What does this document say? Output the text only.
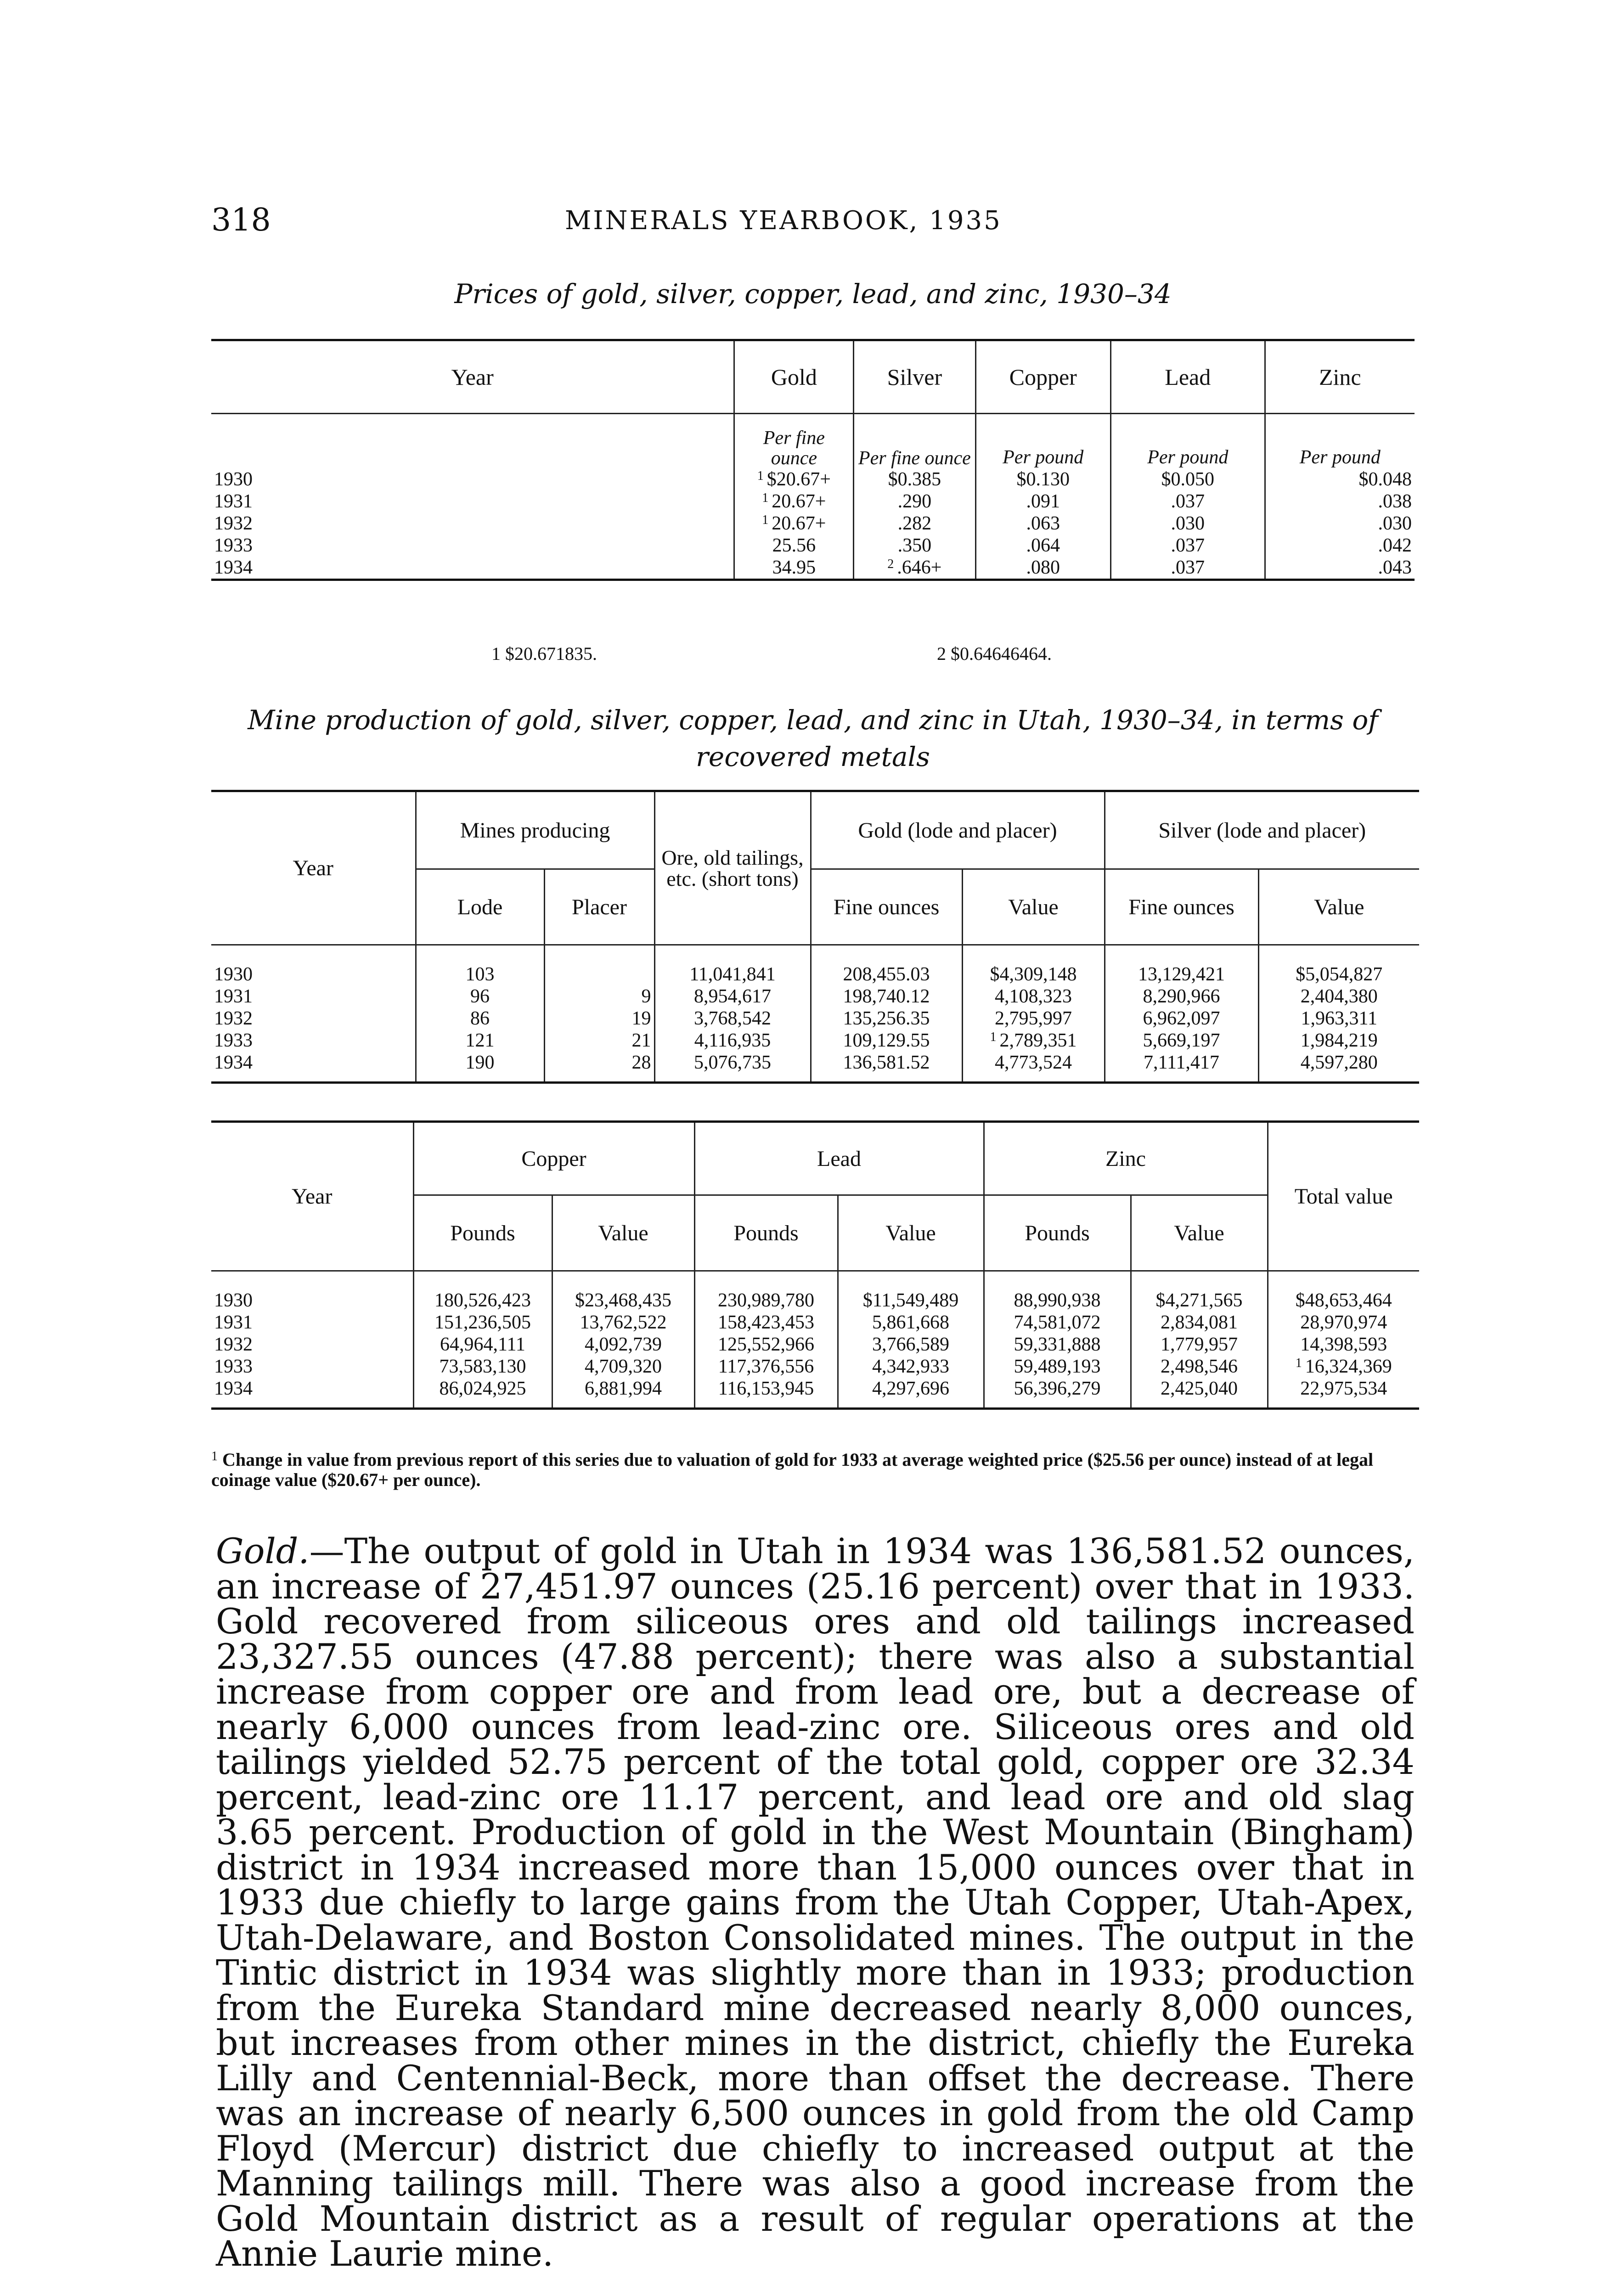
318	MINERALS YEARBOOK, 1935
Prices of gold, silver, copper, lead, and zinc, 1930–34
Year	Gold	Silver	Copper	Lead	Zinc
	Per fine ounce	Per fine ounce	Per pound	Per pound	Per pound
1930	$^1$ $20.67+	$0.385	$0.130	$0.050	$0.048
1931	$^1$ 20.67+	.290	.091	.037	.038
1932	$^1$ 20.67+	.282	.063	.030	.030
1933	25.56	.350	.064	.037	.042
1934	34.95	$^2$ .646+	.080	.037	.043

1 $20.671835.	2 $0.64646464.
Mine production of gold, silver, copper, lead, and zinc in Utah, 1930–34, in terms of recovered metals
Year	Mines producing		Ore, old tailings, etc. (short tons)	Gold (lode and placer)		Silver (lode and placer)	
	Lode	Placer		Fine ounces	Value	Fine ounces	Value

1930	103		11,041,841	208,455.03	$4,309,148	13,129,421	$5,054,827
1931	96	9	8,954,617	198,740.12	4,108,323	8,290,966	2,404,380
1932	86	19	3,768,542	135,256.35	2,795,997	6,962,097	1,963,311
1933	121	21	4,116,935	109,129.55	$^1$ 2,789,351	5,669,197	1,984,219
1934	190	28	5,076,735	136,581.52	4,773,524	7,111,417	4,597,280

Year	Copper		Lead		Zinc		Total value
	Pounds	Value	Pounds	Value	Pounds	Value	

1930	180,526,423	$23,468,435	230,989,780	$11,549,489	88,990,938	$4,271,565	$48,653,464
1931	151,236,505	13,762,522	158,423,453	5,861,668	74,581,072	2,834,081	28,970,974
1932	64,964,111	4,092,739	125,552,966	3,766,589	59,331,888	1,779,957	14,398,593
1933	73,583,130	4,709,320	117,376,556	4,342,933	59,489,193	2,498,546	$^1$ 16,324,369
1934	86,024,925	6,881,994	116,153,945	4,297,696	56,396,279	2,425,040	22,975,534

$^1$ Change in value from previous report of this series due to valuation of gold for 1933 at average weighted price ($25.56 per ounce) instead of at legal coinage value ($20.67+ per ounce).
Gold.—The output of gold in Utah in 1934 was 136,581.52 ounces, an increase of 27,451.97 ounces (25.16 percent) over that in 1933. Gold recovered from siliceous ores and old tailings increased 23,327.55 ounces (47.88 percent); there was also a substantial increase from copper ore and from lead ore, but a decrease of nearly 6,000 ounces from lead-zinc ore. Siliceous ores and old tailings yielded 52.75 percent of the total gold, copper ore 32.34 percent, lead-zinc ore 11.17 percent, and lead ore and old slag 3.65 percent. Production of gold in the West Mountain (Bingham) district in 1934 increased more than 15,000 ounces over that in 1933 due chiefly to large gains from the Utah Copper, Utah-Apex, Utah-Delaware, and Boston Consolidated mines. The output in the Tintic district in 1934 was slightly more than in 1933; production from the Eureka Standard mine decreased nearly 8,000 ounces, but increases from other mines in the district, chiefly the Eureka Lilly and Centennial-Beck, more than offset the decrease. There was an increase of nearly 6,500 ounces in gold from the old Camp Floyd (Mercur) district due chiefly to increased output at the Manning tailings mill. There was also a good increase from the Gold Mountain district as a result of regular operations at the Annie Laurie mine.
